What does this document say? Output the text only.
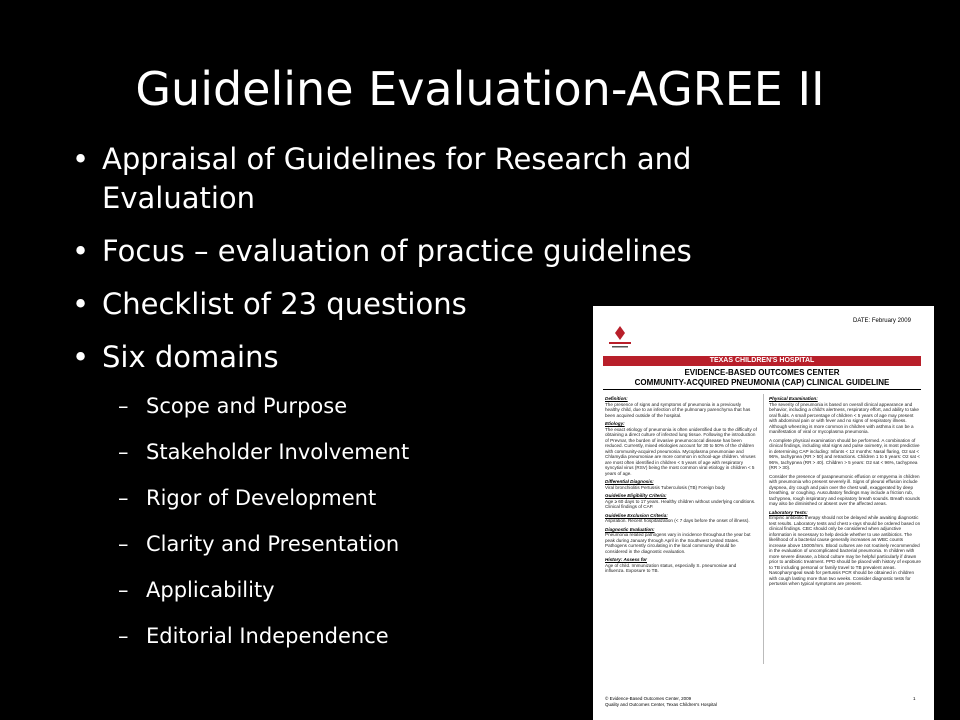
Guideline Evaluation-AGREE II
• Appraisal of Guidelines for Research and Evaluation
• Focus – evaluation of practice guidelines
• Checklist of 23 questions
• Six domains
– Scope and Purpose
– Stakeholder Involvement
– Rigor of Development
– Clarity and Presentation
– Applicability
– Editorial Independence
DATE: February 2009
TEXAS CHILDREN'S HOSPITAL
EVIDENCE-BASED OUTCOMES CENTER
COMMUNITY-ACQUIRED PNEUMONIA (CAP) CLINICAL GUIDELINE
Definition:
The presence of signs and symptoms of pneumonia in a previously healthy child, due to an infection of the pulmonary parenchyma that has been acquired outside of the hospital.
Etiology:
The exact etiology of pneumonia is often unidentified due to the difficulty of obtaining a direct culture of infected lung tissue. Following the introduction of Prevnar, the burden of invasive pneumococcal disease has been reduced. Currently, mixed etiologies account for 30 to 50% of the children with community-acquired pneumonia. Mycoplasma pneumoniae and Chlamydia pneumoniae are more common in school-age children. Viruses are most often identified in children < 5 years of age with respiratory syncytial virus (RSV) being the most common viral etiology in children < 5 years of age.
Differential Diagnosis:
Viral bronchiolitis Pertussis Tuberculosis (TB) Foreign body
Guideline Eligibility Criteria:
Age ≥ 60 days to 17 years. Healthy children without underlying conditions. Clinical findings of CAP.
Guideline Exclusion Criteria:
Aspiration. Recent hospitalization (< 7 days before the onset of illness).
Diagnostic Evaluation:
Pneumonia related pathogens vary in incidence throughout the year but peak during January through April in the Southwest United States. Pathogens currently circulating in the local community should be considered in the diagnostic evaluation.
History: Assess for
Age of child. Immunization status, especially S. pneumoniae and influenza. Exposure to TB.
Physical Examination:
The severity of pneumonia is based on overall clinical appearance and behavior, including a child's alertness, respiratory effort, and ability to take oral fluids. A small percentage of children < 5 years of age may present with abdominal pain or with fever and no signs of respiratory illness. Although wheezing is more common in children with asthma it can be a manifestation of viral or mycoplasma pneumonia.
A complete physical examination should be performed. A combination of clinical findings, including vital signs and pulse oximetry, is most predictive in determining CAP including: Infants < 12 months: Nasal flaring, O2 sat < 96%, tachypnea (RR > 50) and retractions. Children 1 to 5 years: O2 sat < 96%, tachypnea (RR > 40). Children > 5 years: O2 sat < 96%, tachypnea (RR > 30).
Consider the presence of parapneumonic effusion or empyema in children with pneumonia who present severely ill. Signs of pleural effusion include dyspnea, dry cough and pain over the chest wall, exaggerated by deep breathing, or coughing. Auscultatory findings may include a friction rub, tachypnea, rough inspiratory and expiratory breath sounds. Breath sounds may also be diminished or absent over the affected areas.
Laboratory Tests:
Empiric antibiotic therapy should not be delayed while awaiting diagnostic test results. Laboratory tests and chest x-rays should be ordered based on clinical findings. CBC should only be considered when adjunctive information is necessary to help decide whether to use antibiotics. The likelihood of a bacterial cause generally increases as WBC counts increase above 15000/mm. Blood cultures are not routinely recommended in the evaluation of uncomplicated bacterial pneumonia. In children with more severe disease, a blood culture may be helpful particularly if drawn prior to antibiotic treatment. PPD should be placed with history of exposure to TB including personal or family travel to TB prevalent areas. Nasopharyngeal swab for pertussis PCR should be obtained in children with cough lasting more than two weeks. Consider diagnostic tests for pertussis when typical symptoms are present.
© Evidence-Based Outcomes Center, 2009
Quality and Outcomes Center, Texas Children's Hospital
1
